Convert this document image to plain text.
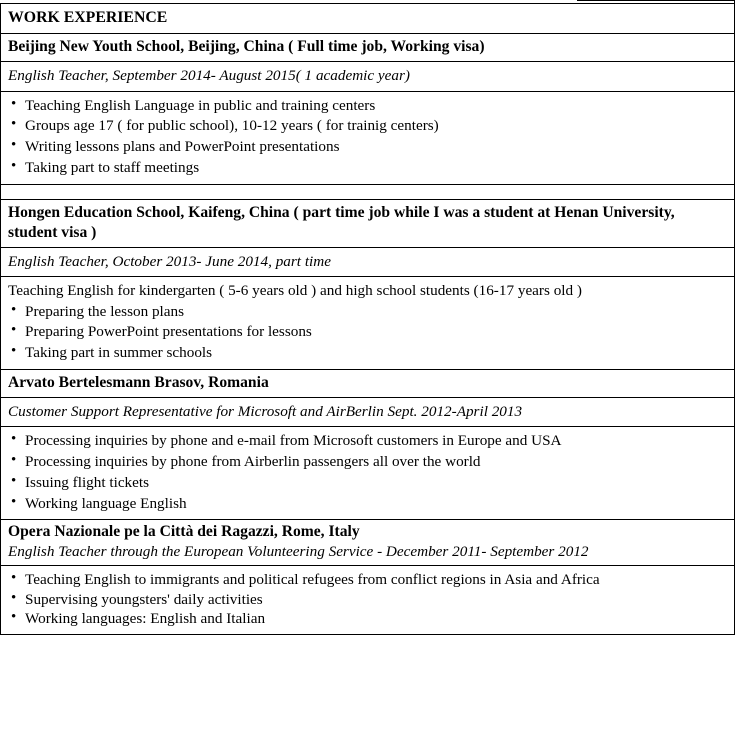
WORK EXPERIENCE
Beijing New Youth School, Beijing, China ( Full time job, Working visa)
English Teacher, September 2014- August 2015( 1 academic year)

• Teaching English Language in public and training centers
• Groups age 17 ( for public school), 10-12 years ( for trainig centers)
• Writing lessons plans and PowerPoint presentations
• Taking part to staff meetings

Hongen Education School, Kaifeng, China ( part time job while I was a student at Henan University, student visa )
English Teacher, October 2013- June 2014, part time

Teaching English for kindergarten ( 5-6 years old ) and high school students (16-17 years old )

• Preparing the lesson plans
• Preparing PowerPoint presentations for lessons
• Taking part in summer schools

Arvato Bertelesmann Brasov, Romania
Customer Support Representative for Microsoft and AirBerlin Sept. 2012-April 2013

• Processing inquiries by phone and e-mail from Microsoft customers in Europe and USA
• Processing inquiries by phone from Airberlin passengers all over the world
• Issuing flight tickets
• Working language English

Opera Nazionale pe la Città dei Ragazzi, Rome, Italy
English Teacher through the European Volunteering Service - December 2011- September 2012

• Teaching English to immigrants and political refugees from conflict regions in Asia and Africa
• Supervising youngsters' daily activities
• Working languages: English and Italian
